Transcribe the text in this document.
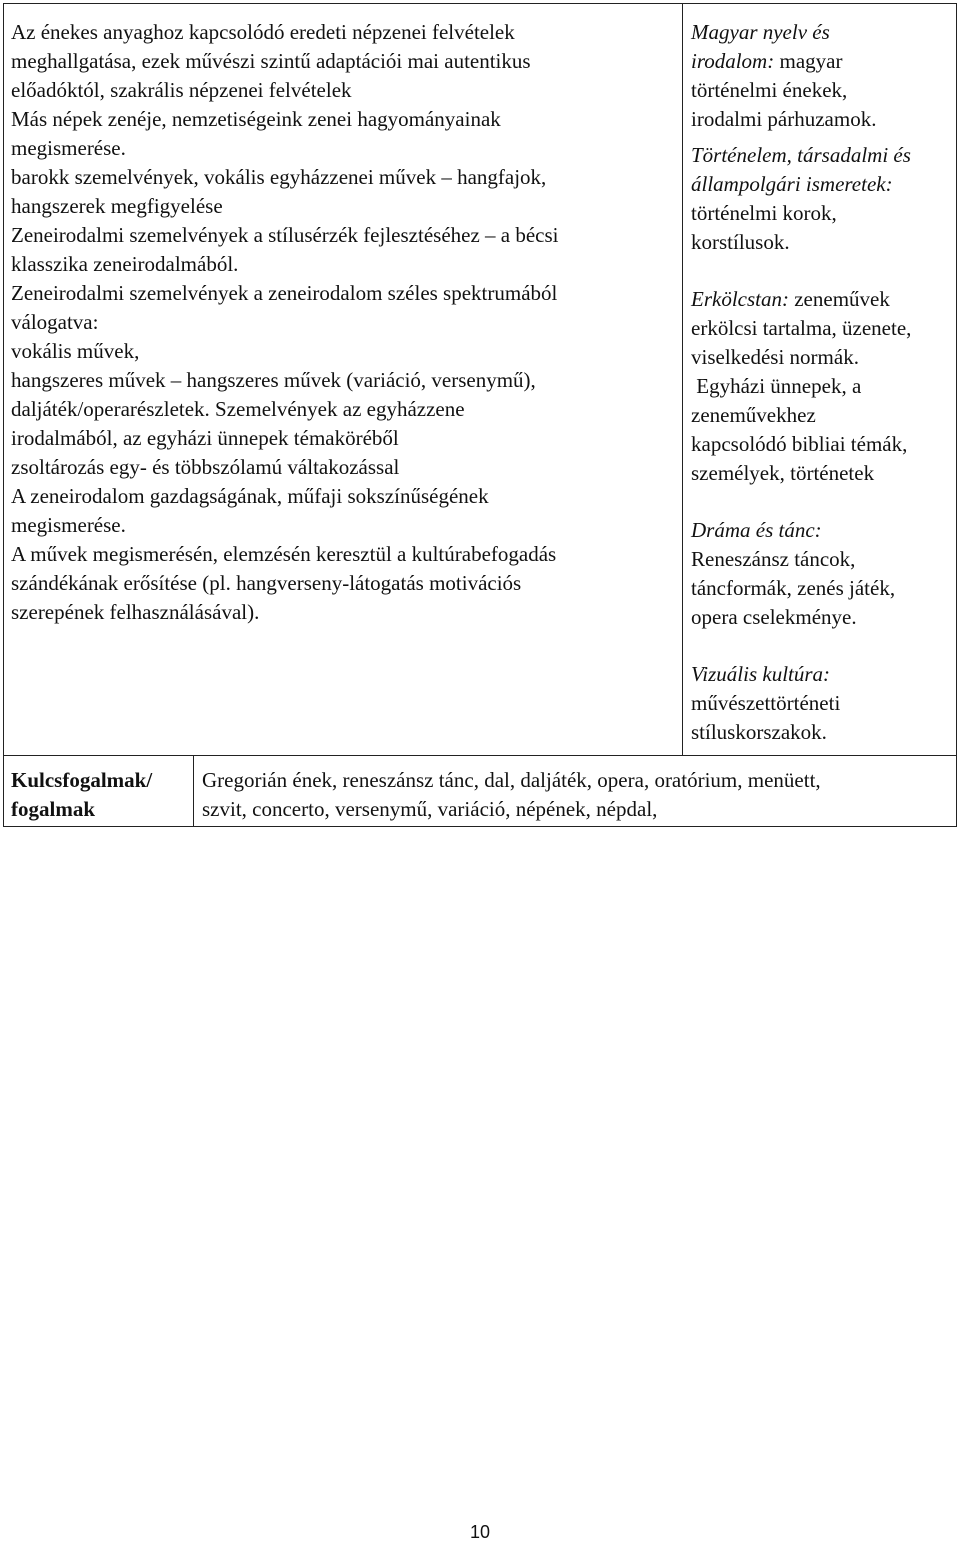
Az énekes anyaghoz kapcsolódó eredeti népzenei felvételek
meghallgatása, ezek művészi szintű adaptációi mai autentikus
előadóktól, szakrális népzenei felvételek
Más népek zenéje, nemzetiségeink zenei hagyományainak
megismerése.
barokk szemelvények, vokális egyházzenei művek – hangfajok,
hangszerek megfigyelése
Zeneirodalmi szemelvények a stílusérzék fejlesztéséhez – a bécsi
klasszika zeneirodalmából.
Zeneirodalmi szemelvények a zeneirodalom széles spektrumából
válogatva:
vokális művek,
hangszeres művek – hangszeres művek (variáció, versenymű),
daljáték/operarészletek. Szemelvények az egyházzene
irodalmából, az egyházi ünnepek témaköréből
zsoltározás egy- és többszólamú váltakozással
A zeneirodalom gazdagságának, műfaji sokszínűségének
megismerése.
A művek megismerésén, elemzésén keresztül a kultúrabefogadás
szándékának erősítése (pl. hangverseny-látogatás motivációs
szerepének felhasználásával).
Magyar nyelv és
irodalom: magyar
történelmi énekek,
irodalmi párhuzamok.
Történelem, társadalmi és
állampolgári ismeretek:
történelmi korok,
korstílusok.
Erkölcstan: zeneművek
erkölcsi tartalma, üzenete,
viselkedési normák.
Egyházi ünnepek, a
zeneművekhez
kapcsolódó bibliai témák,
személyek, történetek
Dráma és tánc:
Reneszánsz táncok,
táncformák, zenés játék,
opera cselekménye.
Vizuális kultúra:
művészettörténeti
stíluskorszakok.
Kulcsfogalmak/
fogalmak
Gregorián ének, reneszánsz tánc, dal, daljáték, opera, oratórium, menüett,
szvit, concerto, versenymű, variáció, népének, népdal,
10
